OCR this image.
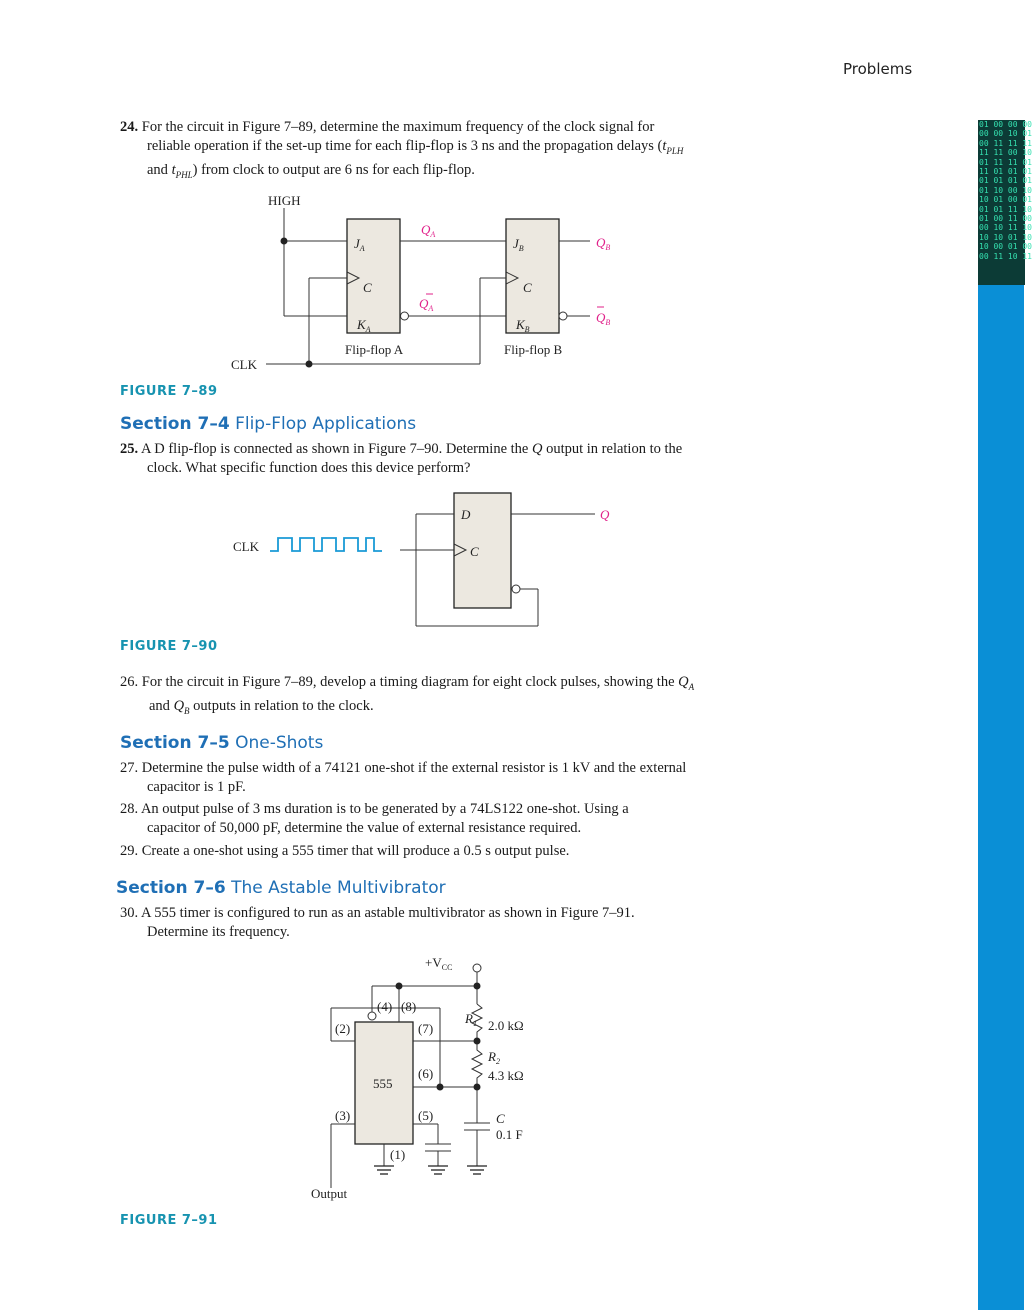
Problems
01 00 00 00
00 00 10 01
00 11 11 11
11 11 00 10
01 11 11 01
11 01 01 01
01 01 01 01
01 10 00 10
10 01 00 01
01 01 11 10
01 00 11 00
00 10 11 10
10 10 01 10
10 00 01 00
00 11 10 11
24. For the circuit in Figure 7–89, determine the maximum frequency of the clock signal for
reliable operation if the set-up time for each flip-flop is 3 ns and the propagation delays ($t_{PLH}$
and $t_{PHL}$) from clock to output are 6 ns for each flip-flop.
HIGH
CLK
Flip-flop A	Flip-flop B
$J_A$
C
$K_A$
$J_B$
C
$K_B$
$Q_A$
$Q_A$
$Q_B$
$Q_B$
FIGURE 7–89
Section 7–4 Flip-Flop Applications
25. A D flip-flop is connected as shown in Figure 7–90. Determine the Q output in relation to the
clock. What specific function does this device perform?
CLK
D
C
Q
FIGURE 7–90
26. For the circuit in Figure 7–89, develop a timing diagram for eight clock pulses, showing the $Q_A$
and $Q_B$ outputs in relation to the clock.
Section 7–5 One-Shots
27. Determine the pulse width of a 74121 one-shot if the external resistor is 1 kV and the external
capacitor is 1 pF.
28. An output pulse of 3 ms duration is to be generated by a 74LS122 one-shot. Using a
capacitor of 50,000 pF, determine the value of external resistance required.
29. Create a one-shot using a 555 timer that will produce a 0.5 s output pulse.
Section 7–6 The Astable Multivibrator
30. A 555 timer is configured to run as an astable multivibrator as shown in Figure 7–91.
Determine its frequency.
$+V_{CC}$
(4) (8)
(2)	(7)
(6)
(3)	(5)
(1)
555
$R_1$ 2.0 kΩ
$R_2$
4.3 kΩ
C
0.1 F
Output
FIGURE 7–91
